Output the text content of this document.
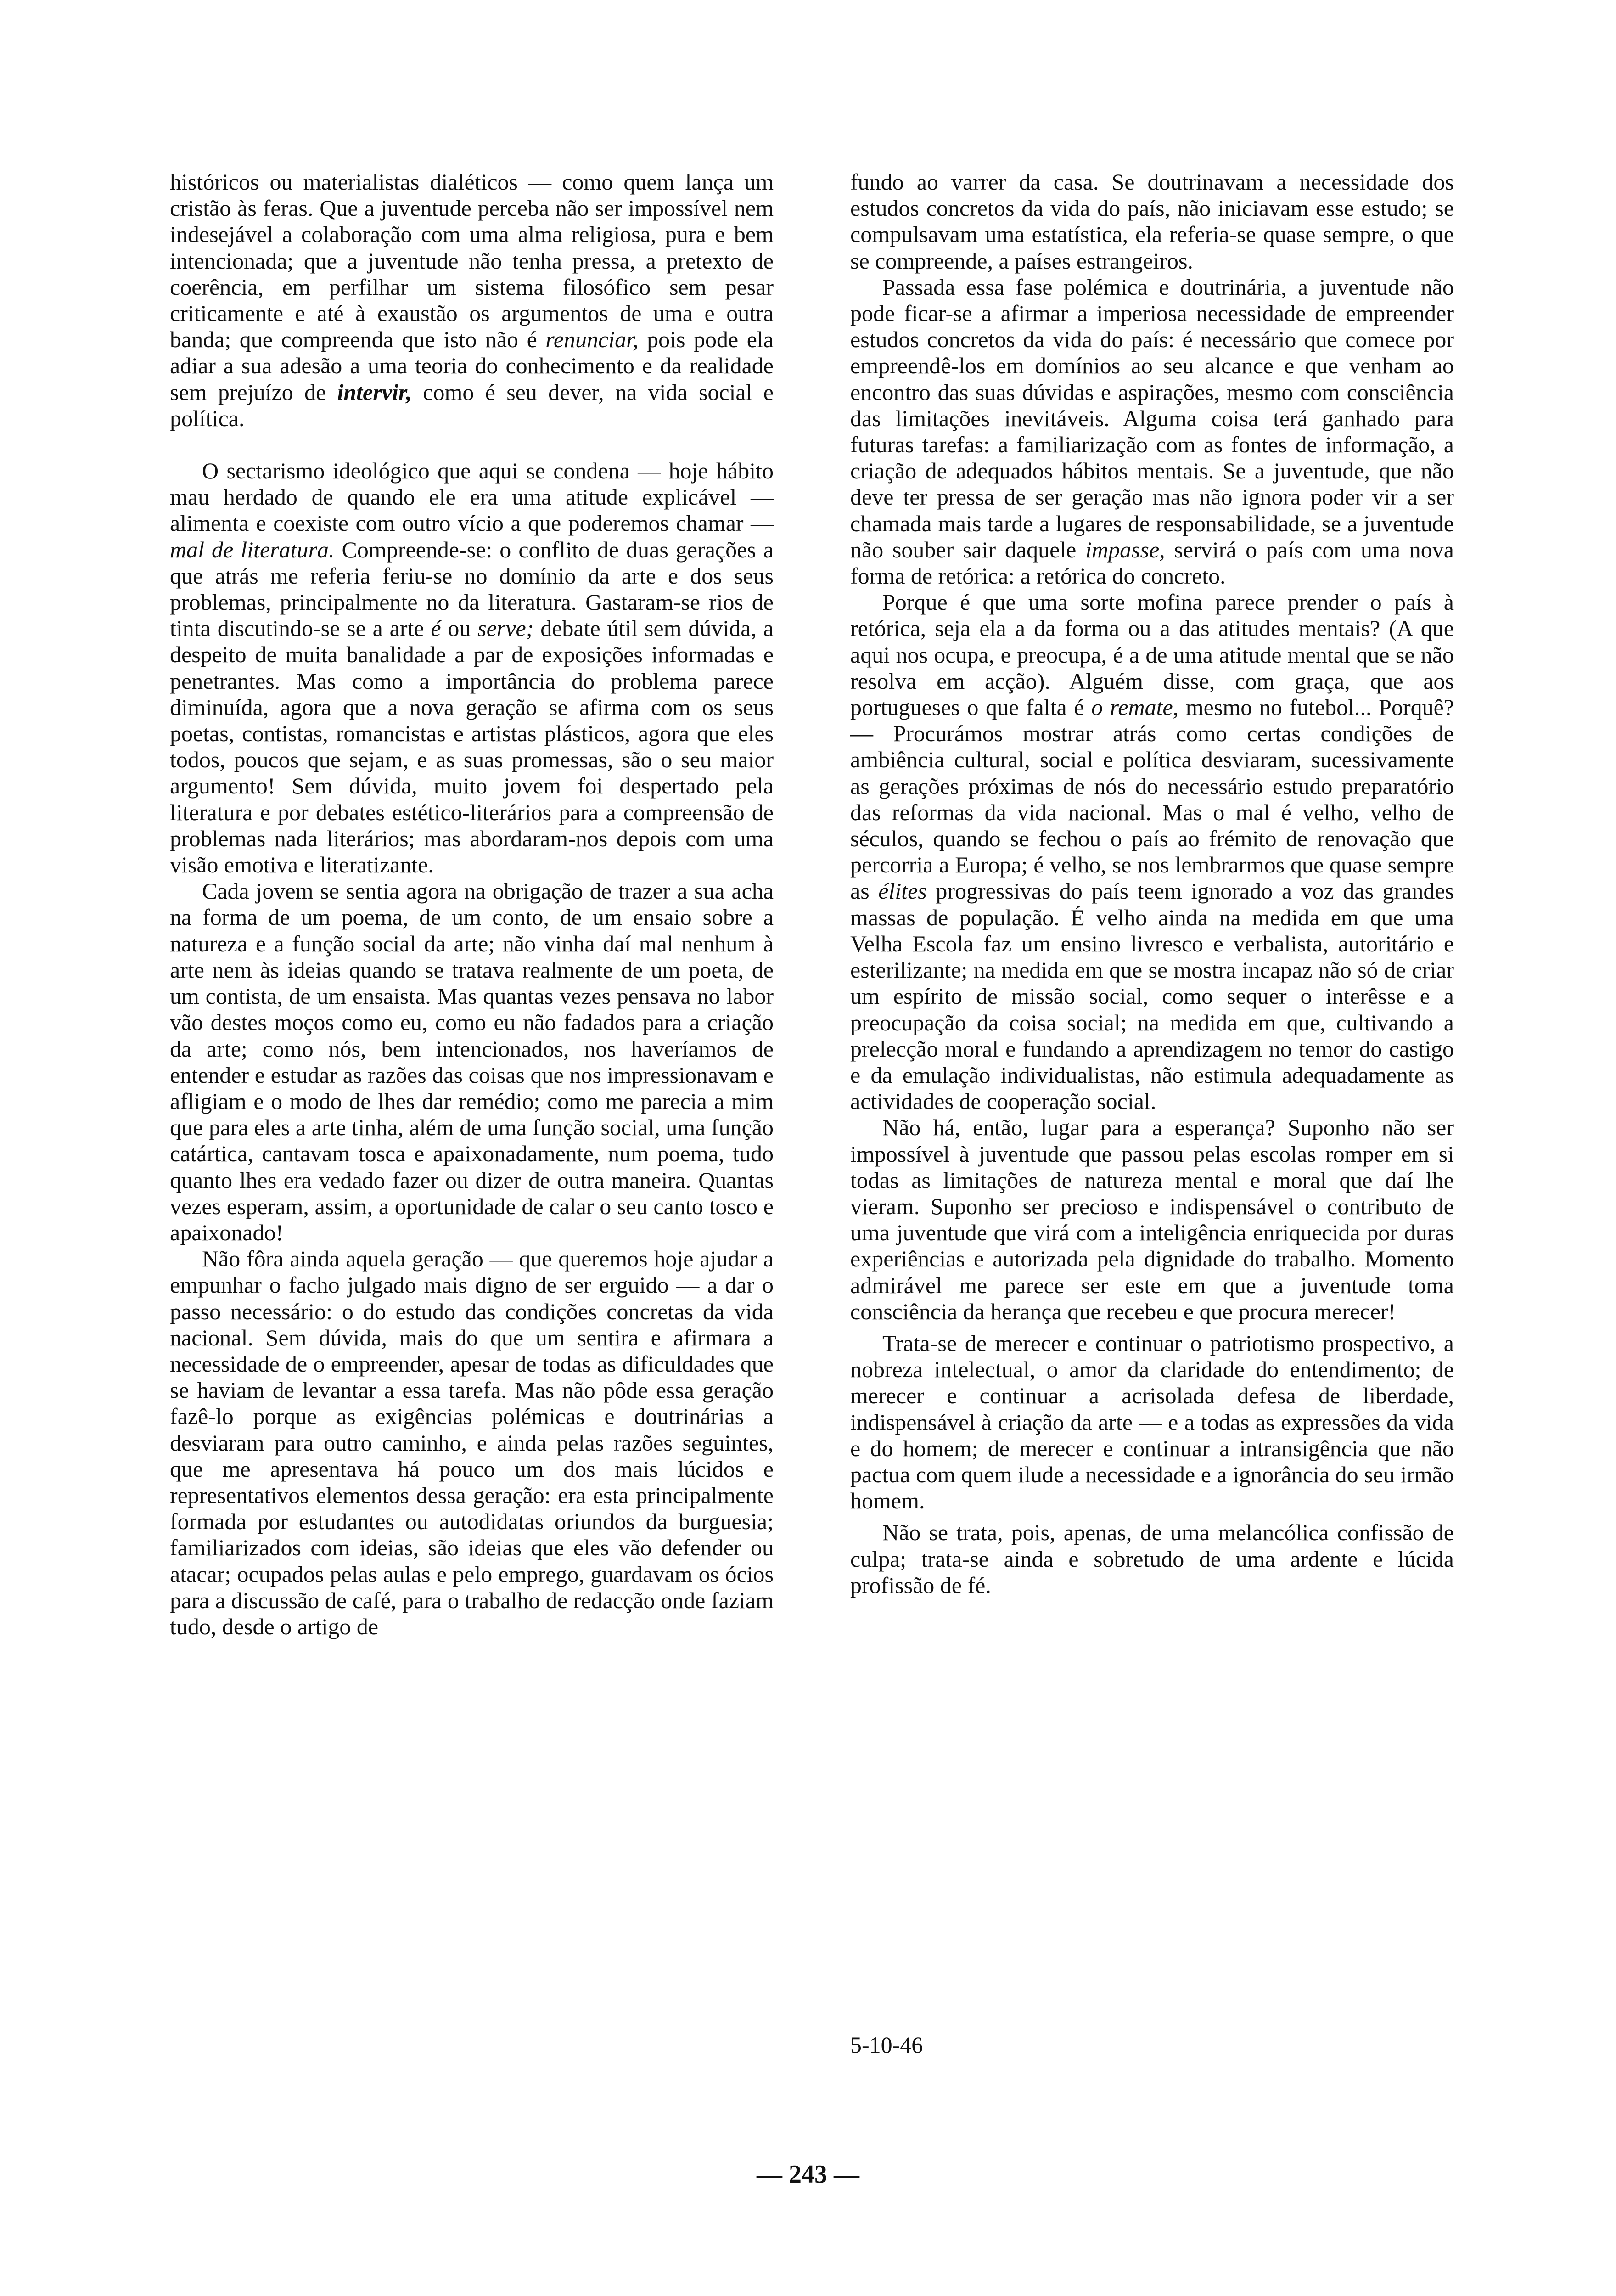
históricos ou materialistas dialéticos — como quem lança um cristão às feras. Que a juventude perceba não ser impossível nem indesejável a colaboração com uma alma religiosa, pura e bem intencionada; que a juventude não tenha pressa, a pretexto de coerência, em perfilhar um sistema filosófico sem pesar criticamente e até à exaustão os argumentos de uma e outra banda; que compreenda que isto não é renunciar, pois pode ela adiar a sua adesão a uma teoria do conhecimento e da realidade sem prejuízo de intervir, como é seu dever, na vida social e política.

O sectarismo ideológico que aqui se condena — hoje hábito mau herdado de quando ele era uma atitude explicável — alimenta e coexiste com outro vício a que poderemos chamar — mal de literatura. Compreende-se: o conflito de duas gerações a que atrás me referia feriu-se no domínio da arte e dos seus problemas, principalmente no da literatura. Gastaram-se rios de tinta discutindo-se se a arte é ou serve; debate útil sem dúvida, a despeito de muita banalidade a par de exposições informadas e penetrantes. Mas como a importância do problema parece diminuída, agora que a nova geração se afirma com os seus poetas, contistas, romancistas e artistas plásticos, agora que eles todos, poucos que sejam, e as suas promessas, são o seu maior argumento! Sem dúvida, muito jovem foi despertado pela literatura e por debates estético-literários para a compreensão de problemas nada literários; mas abordaram-nos depois com uma visão emotiva e literatizante.

Cada jovem se sentia agora na obrigação de trazer a sua acha na forma de um poema, de um conto, de um ensaio sobre a natureza e a função social da arte; não vinha daí mal nenhum à arte nem às ideias quando se tratava realmente de um poeta, de um contista, de um ensaista. Mas quantas vezes pensava no labor vão destes moços como eu, como eu não fadados para a criação da arte; como nós, bem intencionados, nos haveríamos de entender e estudar as razões das coisas que nos impressionavam e afligiam e o modo de lhes dar remédio; como me parecia a mim que para eles a arte tinha, além de uma função social, uma função catártica, cantavam tosca e apaixonadamente, num poema, tudo quanto lhes era vedado fazer ou dizer de outra maneira. Quantas vezes esperam, assim, a oportunidade de calar o seu canto tosco e apaixonado!

Não fôra ainda aquela geração — que queremos hoje ajudar a empunhar o facho julgado mais digno de ser erguido — a dar o passo necessário: o do estudo das condições concretas da vida nacional. Sem dúvida, mais do que um sentira e afirmara a necessidade de o empreender, apesar de todas as dificuldades que se haviam de levantar a essa tarefa. Mas não pôde essa geração fazê-lo porque as exigências polémicas e doutrinárias a desviaram para outro caminho, e ainda pelas razões seguintes, que me apresentava há pouco um dos mais lúcidos e representativos elementos dessa geração: era esta principalmente formada por estudantes ou autodidatas oriundos da burguesia; familiarizados com ideias, são ideias que eles vão defender ou atacar; ocupados pelas aulas e pelo emprego, guardavam os ócios para a discussão de café, para o trabalho de redacção onde faziam tudo, desde o artigo de

fundo ao varrer da casa. Se doutrinavam a necessidade dos estudos concretos da vida do país, não iniciavam esse estudo; se compulsavam uma estatística, ela referia-se quase sempre, o que se compreende, a países estrangeiros.

Passada essa fase polémica e doutrinária, a juventude não pode ficar-se a afirmar a imperiosa necessidade de empreender estudos concretos da vida do país: é necessário que comece por empreendê-los em domínios ao seu alcance e que venham ao encontro das suas dúvidas e aspirações, mesmo com consciência das limitações inevitáveis. Alguma coisa terá ganhado para futuras tarefas: a familiarização com as fontes de informação, a criação de adequados hábitos mentais. Se a juventude, que não deve ter pressa de ser geração mas não ignora poder vir a ser chamada mais tarde a lugares de responsabilidade, se a juventude não souber sair daquele impasse, servirá o país com uma nova forma de retórica: a retórica do concreto.

Porque é que uma sorte mofina parece prender o país à retórica, seja ela a da forma ou a das atitudes mentais? (A que aqui nos ocupa, e preocupa, é a de uma atitude mental que se não resolva em acção). Alguém disse, com graça, que aos portugueses o que falta é o remate, mesmo no futebol... Porquê? — Procurámos mostrar atrás como certas condições de ambiência cultural, social e política desviaram, sucessivamente as gerações próximas de nós do necessário estudo preparatório das reformas da vida nacional. Mas o mal é velho, velho de séculos, quando se fechou o país ao frémito de renovação que percorria a Europa; é velho, se nos lembrarmos que quase sempre as élites progressivas do país teem ignorado a voz das grandes massas de população. É velho ainda na medida em que uma Velha Escola faz um ensino livresco e verbalista, autoritário e esterilizante; na medida em que se mostra incapaz não só de criar um espírito de missão social, como sequer o interêsse e a preocupação da coisa social; na medida em que, cultivando a prelecção moral e fundando a aprendizagem no temor do castigo e da emulação individualistas, não estimula adequadamente as actividades de cooperação social.

Não há, então, lugar para a esperança? Suponho não ser impossível à juventude que passou pelas escolas romper em si todas as limitações de natureza mental e moral que daí lhe vieram. Suponho ser precioso e indispensável o contributo de uma juventude que virá com a inteligência enriquecida por duras experiências e autorizada pela dignidade do trabalho. Momento admirável me parece ser este em que a juventude toma consciência da herança que recebeu e que procura merecer!

Trata-se de merecer e continuar o patriotismo prospectivo, a nobreza intelectual, o amor da claridade do entendimento; de merecer e continuar a acrisolada defesa de liberdade, indispensável à criação da arte — e a todas as expressões da vida e do homem; de merecer e continuar a intransigência que não pactua com quem ilude a necessidade e a ignorância do seu irmão homem.

Não se trata, pois, apenas, de uma melancólica confissão de culpa; trata-se ainda e sobretudo de uma ardente e lúcida profissão de fé.

5-10-46
— 243 —
